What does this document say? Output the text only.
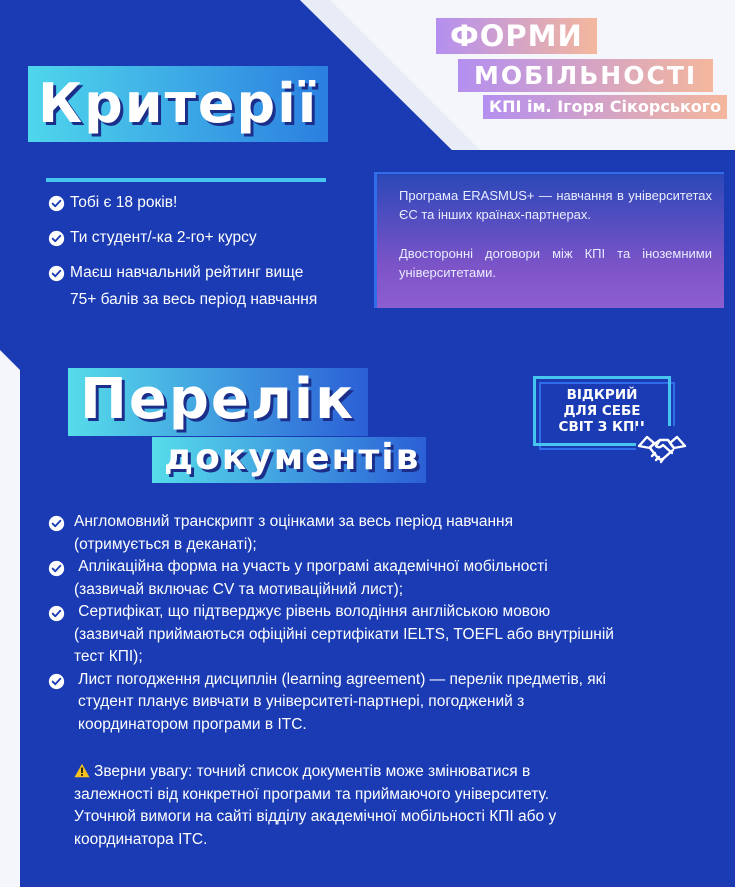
ФОРМИ
МОБІЛЬНОСТІ
КПІ ім. Ігоря Сікорського
Критерії
Тобі є 18 років!
Ти студент/-ка 2-го+ курсу
Маєш навчальний рейтинг вище
75+ балів за весь період навчання

Програма ERASMUS+ — навчання в університетах ЄС та інших країнах-партнерах.

Двосторонні договори між КПІ та іноземними університетами.

Перелік
документів
ВІДКРИЙ
ДЛЯ СЕБЕ
СВІТ З КПІ!
Англомовний транскрипт з оцінками за весь період навчання
(отримується в деканаті);
Аплікаційна форма на участь у програмі академічної мобільності
(зазвичай включає CV та мотиваційний лист);
Сертифікат, що підтверджує рівень володіння англійською мовою
(зазвичай приймаються офіційні сертифікати IELTS, TOEFL або внутрішній
тест КПІ);
Лист погодження дисциплін (learning agreement) — перелік предметів, які
студент планує вивчати в університеті-партнері, погоджений з
координатором програми в ІТС.
Зверни увагу: точний список документів може змінюватися в
залежності від конкретної програми та приймаючого університету.
Уточнюй вимоги на сайті відділу академічної мобільності КПІ або у
координатора ІТС.
